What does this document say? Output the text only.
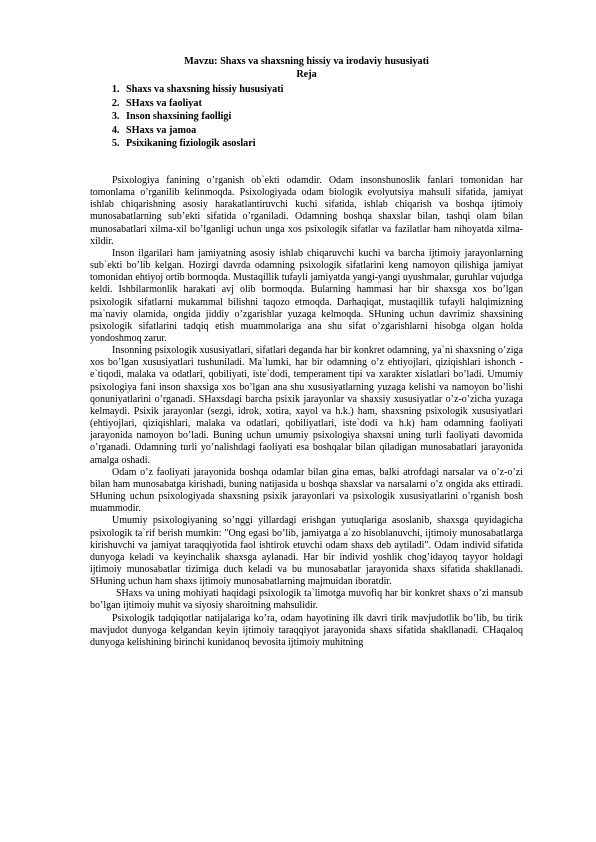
Mavzu: Shaxs va shaxsning hissiy va irodaviy hususiyati

Reja

1. Shaxs va shaxsning hissiy hususiyati
2. SHaxs va faoliyat
3. Inson shaxsining faolligi
4. SHaxs va jamoa
5. Psixikaning fiziologik asoslari

Psixologiya fanining o’rganish ob`ekti odamdir. Odam insonshunoslik fanlari tomonidan har tomonlama o’rganilib kelinmoqda. Psixologiyada odam biologik evolyutsiya mahsuli sifatida, jamiyat ishlab chiqarishning asosiy harakatlantiruvchi kuchi sifatida, ishlab chiqarish va boshqa ijtimoiy munosabatlarning sub’ekti sifatida o’rganiladi. Odamning boshqa shaxslar bilan, tashqi olam bilan munosabatlari xilma-xil bo’lganligi uchun unga xos psixologik sifatlar va fazilatlar ham nihoyatda xilma-xildir.

Inson ilgarilari ham jamiyatning asosiy ishlab chiqaruvchi kuchi va barcha ijtimoiy jarayonlarning sub`ekti bo’lib kelgan. Hozirgi davrda odamning psixologik sifatlarini keng namoyon qilishiga jamiyat tomonidan ehtiyoj ortib bormoqda. Mustaqillik tufayli jamiyatda yangi-yangi uyushmalar, guruhlar vujudga keldi. Ishbilarmonlik harakati avj olib bormoqda. Bularning hammasi har bir shaxsga xos bo’lgan psixologik sifatlarni mukammal bilishni taqozo etmoqda. Darhaqiqat, mustaqillik tufayli halqimizning ma`naviy olamida, ongida jiddiy o’zgarishlar yuzaga kelmoqda. SHuning uchun davrimiz shaxsining psixologik sifatlarini tadqiq etish muammolariga ana shu sifat o’zgarishlarni hisobga olgan holda yondoshmoq zarur.

Insonning psixologik xususiyatlari, sifatlari deganda har bir konkret odamning, ya`ni shaxsning o’ziga xos bo’lgan xususiyatlari tushuniladi. Ma`lumki, har bir odamning o’z ehtiyojlari, qiziqishlari ishonch - e`tiqodi, malaka va odatlari, qobiliyati, iste`dodi, temperament tipi va xarakter xislatlari bo’ladi. Umumiy psixologiya fani inson shaxsiga xos bo’lgan ana shu xususiyatlarning yuzaga kelishi va namoyon bo’lishi qonuniyatlarini o’rganadi. SHaxsdagi barcha psixik jarayonlar va shaxsiy xususiyatlar o’z-o’zicha yuzaga kelmaydi. Psixik jarayonlar (sezgi, idrok, xotira, xayol va h.k.) ham, shaxsning psixologik xususiyatlari (ehtiyojlari, qiziqishlari, malaka va odatlari, qobiliyatlari, iste`dodi va h.k) ham odamning faoliyati jarayonida namoyon bo’ladi. Buning uchun umumiy psixologiya shaxsni uning turli faoliyati davomida o’rganadi. Odamning turli yo’nalishdagi faoliyati esa boshqalar bilan qiladigan munosabatlari jarayonida amalga oshadi.

Odam o’z faoliyati jarayonida boshqa odamlar bilan gina emas, balki atrofdagi narsalar va o’z-o’zi bilan ham munosabatga kirishadi, buning natijasida u boshqa shaxslar va narsalarni o’z ongida aks ettiradi. SHuning uchun psixologiyada shaxsning psixik jarayonlari va psixologik xususiyatlarini o’rganish bosh muammodir.

Umumiy psixologiyaning so’nggi yillardagi erishgan yutuqlariga asoslanib, shaxsga quyidagicha psixologik ta`rif berish mumkin: "Ong egasi bo’lib, jamiyatga a`zo hisoblanuvchi, ijtimoiy munosabatlarga kirishuvchi va jamiyat taraqqiyotida faol ishtirok etuvchi odam shaxs deb aytiladi". Odam individ sifatida dunyoga keladi va keyinchalik shaxsga aylanadi. Har bir individ yoshlik chog’idayoq tayyor holdagi ijtimoiy munosabatlar tizimiga duch keladi va bu munosabatlar jarayonida shaxs sifatida shakllanadi. SHuning uchun ham shaxs ijtimoiy munosabatlarning majmuidan iboratdir.

SHaxs va uning mohiyati haqidagi psixologik ta`limotga muvofiq har bir konkret shaxs o’zi mansub bo’lgan ijtimoiy muhit va siyosiy sharoitning mahsulidir.

Psixologik tadqiqotlar natijalariga ko’ra, odam hayotining ilk davri tirik mavjudotlik bo’lib, bu tirik mavjudot dunyoga kelgandan keyin ijtimoiy taraqqiyot jarayonida shaxs sifatida shakllanadi. CHaqaloq dunyoga kelishining birinchi kunidanoq bevosita ijtimoiy muhitning
